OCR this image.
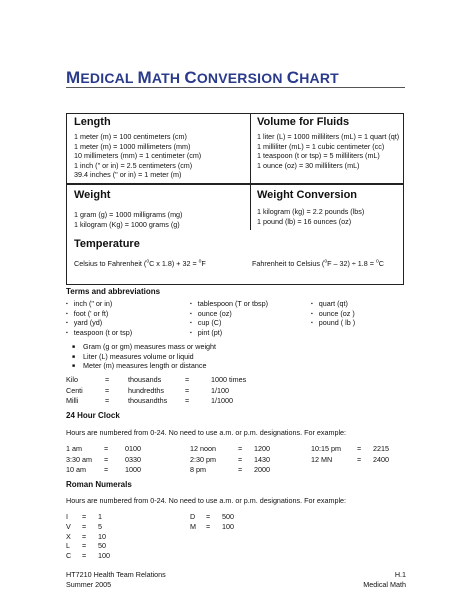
MEDICAL MATH CONVERSION CHART
Length
1 meter (m) = 100 centimeters (cm)
1 meter (m) = 1000 millimeters (mm)
10 millimeters (mm) = 1 centimeter (cm)
1 inch (" or in) = 2.5 centimeters (cm)
39.4 inches (" or in) = 1 meter (m)
Volume for Fluids
1 liter (L) = 1000 milliliters (mL) = 1 quart (qt)
1 milliliter (mL) = 1 cubic centimeter (cc)
1 teaspoon (t or tsp) = 5 milliliters (mL)
1 ounce (oz) = 30 milliliters (mL)
Weight
1 gram (g) = 1000 milligrams (mg)
1 kilogram (Kg) = 1000 grams (g)
Weight Conversion
1 kilogram (kg) = 2.2 pounds (lbs)
1 pound (lb) = 16 ounces (oz)
Temperature
Celsius to Fahrenheit ($^o$C x 1.8) + 32 = $^o$F	Fahrenheit to Celsius ($^o$F – 32) ÷ 1.8 = $^o$C
Terms and abbreviations
▪ inch (" or in)
▪ foot (' or ft)
▪ yard (yd)
▪ teaspoon (t or tsp)
▪ tablespoon (T or tbsp)
▪ ounce (oz)
▪ cup (C)
▪ pint (pt)
▪ quart (qt)
▪ ounce (oz )
▪ pound ( lb )
■ Gram (g or gm) measures mass or weight
■ Liter (L) measures volume or liquid
■ Meter (m) measures length or distance
Kilo	=	thousands	=	1000 times
Centi	=	hundredths	=	1/100
Milli	=	thousandths =	1/1000
24 Hour Clock
Hours are numbered from 0-24. No need to use a.m. or p.m. designations. For example:
1 am	= 0100	12 noon	= 1200	10:15 pm = 2215
3:30 am = 0330	2:30 pm	= 1430	12 MN	= 2400
10 am	= 1000	8 pm	= 2000
Roman Numerals
Hours are numbered from 0-24. No need to use a.m. or p.m. designations. For example:
I = 1	D = 500
V = 5	M = 100
X = 10
L = 50
C = 100
HT7210 Health Team Relations
Summer 2005
H.1
Medical Math
